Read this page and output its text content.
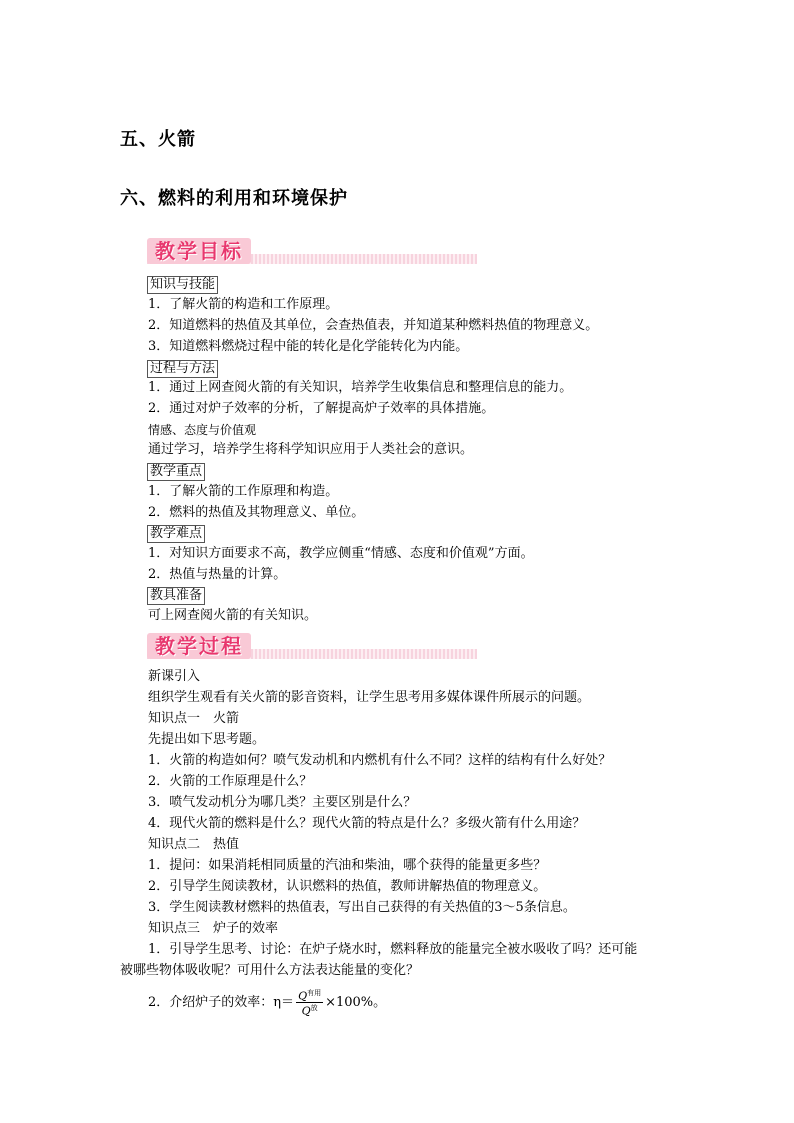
五、火箭
六、燃料的利用和环境保护
教学目标
知识与技能
1．了解火箭的构造和工作原理。
2．知道燃料的热值及其单位，会查热值表，并知道某种燃料热值的物理意义。
3．知道燃料燃烧过程中能的转化是化学能转化为内能。
过程与方法
1．通过上网查阅火箭的有关知识，培养学生收集信息和整理信息的能力。
2．通过对炉子效率的分析，了解提高炉子效率的具体措施。
情感、态度与价值观
通过学习，培养学生将科学知识应用于人类社会的意识。
教学重点
1．了解火箭的工作原理和构造。
2．燃料的热值及其物理意义、单位。
教学难点
1．对知识方面要求不高，教学应侧重“情感、态度和价值观”方面。
2．热值与热量的计算。
教具准备
可上网查阅火箭的有关知识。
教学过程
新课引入
组织学生观看有关火箭的影音资料，让学生思考用多媒体课件所展示的问题。
知识点一　火箭
先提出如下思考题。
1．火箭的构造如何？喷气发动机和内燃机有什么不同？这样的结构有什么好处？
2．火箭的工作原理是什么？
3．喷气发动机分为哪几类？主要区别是什么？
4．现代火箭的燃料是什么？现代火箭的特点是什么？多级火箭有什么用途？
知识点二　热值
1．提问：如果消耗相同质量的汽油和柴油，哪个获得的能量更多些？
2．引导学生阅读教材，认识燃料的热值，教师讲解热值的物理意义。
3．学生阅读教材燃料的热值表，写出自己获得的有关热值的3～5条信息。
知识点三　炉子的效率
1．引导学生思考、讨论：在炉子烧水时，燃料释放的能量完全被水吸收了吗？还可能
被哪些物体吸收呢？可用什么方法表达能量的变化？
2．介绍炉子的效率：$\eta= \frac{Q^{有用}}{Q^放} \times 100\%$。
